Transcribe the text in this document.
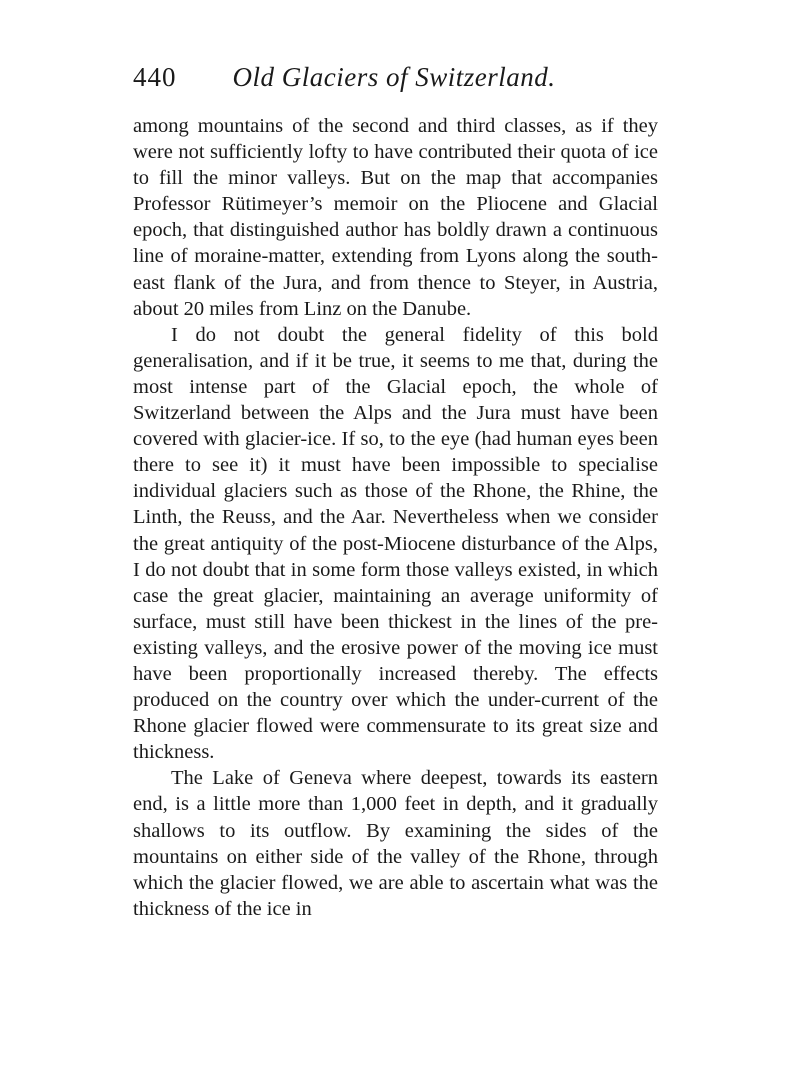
440 Old Glaciers of Switzerland.

among mountains of the second and third classes, as if they were not sufficiently lofty to have contributed their quota of ice to fill the minor valleys. But on the map that accompanies Professor Rütimeyer’s memoir on the Pliocene and Glacial epoch, that distinguished author has boldly drawn a continuous line of moraine-matter, extending from Lyons along the south-east flank of the Jura, and from thence to Steyer, in Austria, about 20 miles from Linz on the Danube.

I do not doubt the general fidelity of this bold generalisation, and if it be true, it seems to me that, during the most intense part of the Glacial epoch, the whole of Switzerland between the Alps and the Jura must have been covered with glacier-ice. If so, to the eye (had human eyes been there to see it) it must have been impossible to specialise individual glaciers such as those of the Rhone, the Rhine, the Linth, the Reuss, and the Aar. Nevertheless when we consider the great antiquity of the post-Miocene disturbance of the Alps, I do not doubt that in some form those valleys existed, in which case the great glacier, maintaining an average uniformity of surface, must still have been thickest in the lines of the pre-existing valleys, and the erosive power of the moving ice must have been proportionally increased thereby. The effects produced on the country over which the under-current of the Rhone glacier flowed were commensurate to its great size and thickness.

The Lake of Geneva where deepest, towards its eastern end, is a little more than 1,000 feet in depth, and it gradually shallows to its outflow. By examining the sides of the mountains on either side of the valley of the Rhone, through which the glacier flowed, we are able to ascertain what was the thickness of the ice in
